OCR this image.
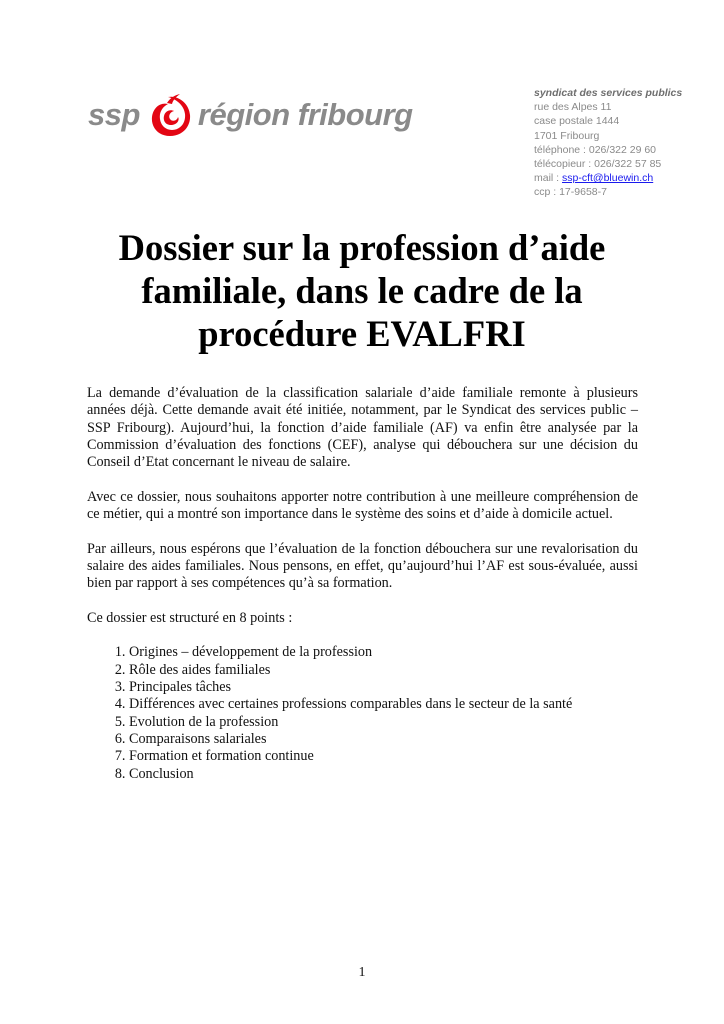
ssp région fribourg
syndicat des services publics
rue des Alpes 11
case postale 1444
1701 Fribourg
téléphone : 026/322 29 60
télécopieur : 026/322 57 85
mail : ssp-cft@bluewin.ch
ccp : 17-9658-7
Dossier sur la profession d’aide familiale, dans le cadre de la procédure EVALFRI

La demande d’évaluation de la classification salariale d’aide familiale remonte à plusieurs années déjà. Cette demande avait été initiée, notamment, par le Syndicat des services public – SSP Fribourg). Aujourd’hui, la fonction d’aide familiale (AF) va enfin être analysée par la Commission d’évaluation des fonctions (CEF), analyse qui débouchera sur une décision du Conseil d’Etat concernant le niveau de salaire.

Avec ce dossier, nous souhaitons apporter notre contribution à une meilleure compréhension de ce métier, qui a montré son importance dans le système des soins et d’aide à domicile actuel.

Par ailleurs, nous espérons que l’évaluation de la fonction débouchera sur une revalorisation du salaire des aides familiales. Nous pensons, en effet, qu’aujourd’hui l’AF est sous-évaluée, aussi bien par rapport à ses compétences qu’à sa formation.

Ce dossier est structuré en 8 points :

1. Origines – développement de la profession
2. Rôle des aides familiales
3. Principales tâches
4. Différences avec certaines professions comparables dans le secteur de la santé
5. Evolution de la profession
6. Comparaisons salariales
7. Formation et formation continue
8. Conclusion
1
